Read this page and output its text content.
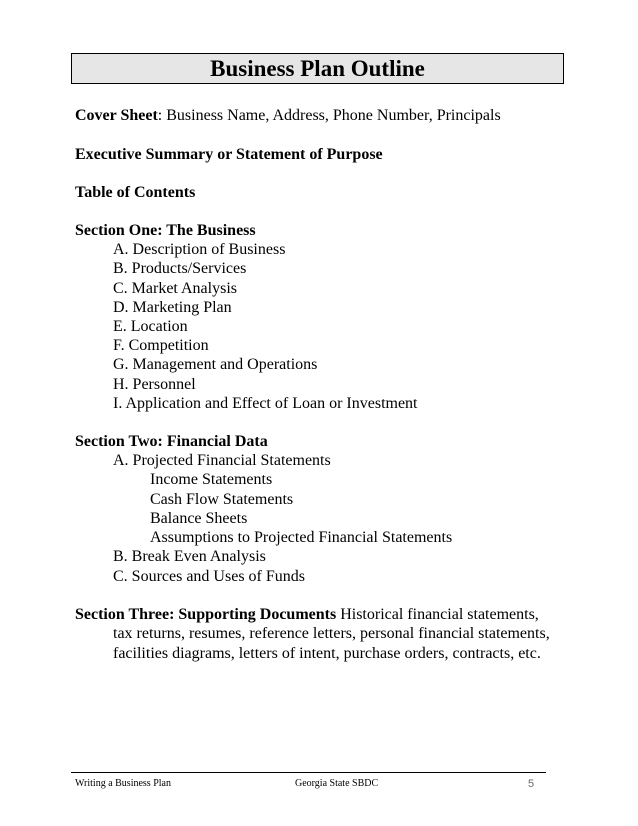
Business Plan Outline
Cover Sheet: Business Name, Address, Phone Number, Principals
Executive Summary or Statement of Purpose
Table of Contents
Section One: The Business
A. Description of Business
B. Products/Services
C. Market Analysis
D. Marketing Plan
E. Location
F. Competition
G. Management and Operations
H. Personnel
I. Application and Effect of Loan or Investment
Section Two: Financial Data
A. Projected Financial Statements
Income Statements
Cash Flow Statements
Balance Sheets
Assumptions to Projected Financial Statements
B. Break Even Analysis
C. Sources and Uses of Funds
Section Three: Supporting Documents Historical financial statements,
tax returns, resumes, reference letters, personal financial statements,
facilities diagrams, letters of intent, purchase orders, contracts, etc.
Writing a Business Plan	Georgia State SBDC	5
